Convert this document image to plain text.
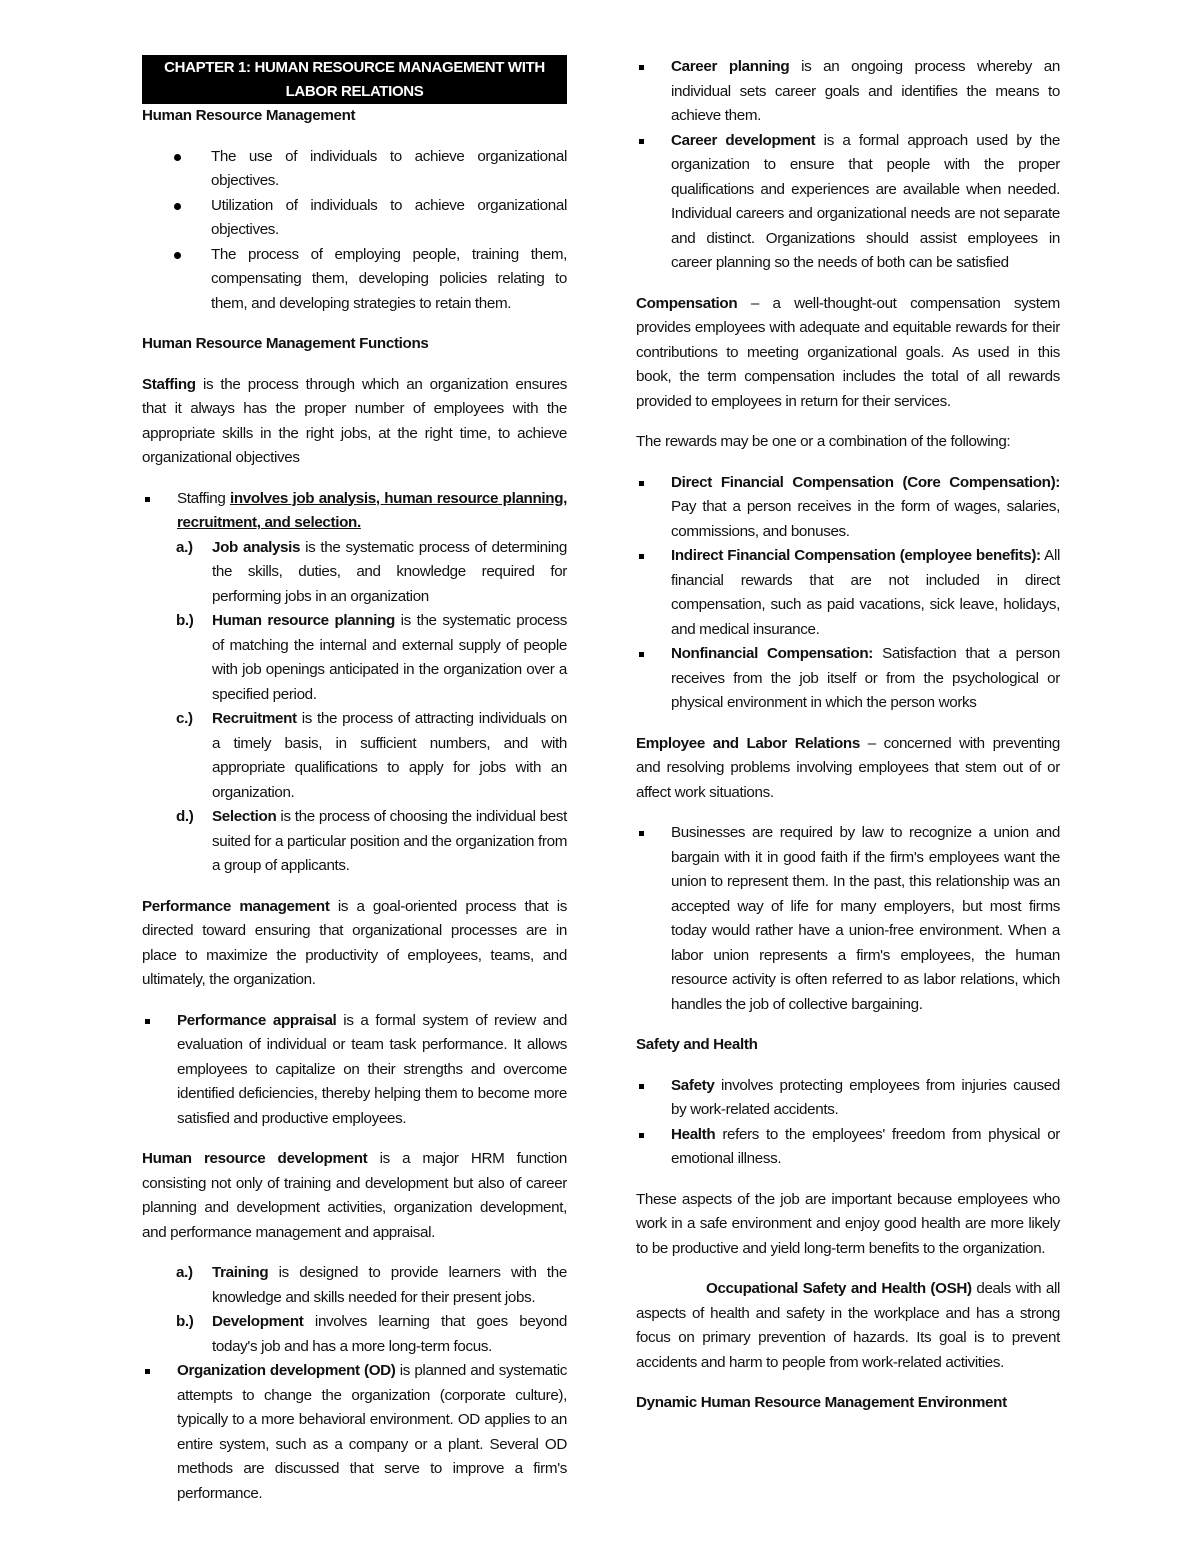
CHAPTER 1: HUMAN RESOURCE MANAGEMENT WITH
LABOR RELATIONS
Human Resource Management
The use of individuals to achieve organizational objectives.
Utilization of individuals to achieve organizational objectives.
The process of employing people, training them, compensating them, developing policies relating to them, and developing strategies to retain them.
Human Resource Management Functions

Staffing is the process through which an organization ensures that it always has the proper number of employees with the appropriate skills in the right jobs, at the right time, to achieve organizational objectives

Staffing involves job analysis, human resource planning, recruitment, and selection.
a.) Job analysis is the systematic process of determining the skills, duties, and knowledge required for performing jobs in an organization
b.) Human resource planning is the systematic process of matching the internal and external supply of people with job openings anticipated in the organization over a specified period.
c.) Recruitment is the process of attracting individuals on a timely basis, in sufficient numbers, and with appropriate qualifications to apply for jobs with an organization.
d.) Selection is the process of choosing the individual best suited for a particular position and the organization from a group of applicants.

Performance management is a goal-oriented process that is directed toward ensuring that organizational processes are in place to maximize the productivity of employees, teams, and ultimately, the organization.

Performance appraisal is a formal system of review and evaluation of individual or team task performance. It allows employees to capitalize on their strengths and overcome identified deficiencies, thereby helping them to become more satisfied and productive employees.

Human resource development is a major HRM function consisting not only of training and development but also of career planning and development activities, organization development, and performance management and appraisal.

a.) Training is designed to provide learners with the knowledge and skills needed for their present jobs.
b.) Development involves learning that goes beyond today's job and has a more long-term focus.
Organization development (OD) is planned and systematic attempts to change the organization (corporate culture), typically to a more behavioral environment. OD applies to an entire system, such as a company or a plant. Several OD methods are discussed that serve to improve a firm's performance.
Career planning is an ongoing process whereby an individual sets career goals and identifies the means to achieve them.
Career development is a formal approach used by the organization to ensure that people with the proper qualifications and experiences are available when needed. Individual careers and organizational needs are not separate and distinct. Organizations should assist employees in career planning so the needs of both can be satisfied

Compensation – a well-thought-out compensation system provides employees with adequate and equitable rewards for their contributions to meeting organizational goals. As used in this book, the term compensation includes the total of all rewards provided to employees in return for their services.

The rewards may be one or a combination of the following:

Direct Financial Compensation (Core Compensation): Pay that a person receives in the form of wages, salaries, commissions, and bonuses.
Indirect Financial Compensation (employee benefits): All financial rewards that are not included in direct compensation, such as paid vacations, sick leave, holidays, and medical insurance.
Nonfinancial Compensation: Satisfaction that a person receives from the job itself or from the psychological or physical environment in which the person works

Employee and Labor Relations – concerned with preventing and resolving problems involving employees that stem out of or affect work situations.

Businesses are required by law to recognize a union and bargain with it in good faith if the firm's employees want the union to represent them. In the past, this relationship was an accepted way of life for many employers, but most firms today would rather have a union-free environment. When a labor union represents a firm's employees, the human resource activity is often referred to as labor relations, which handles the job of collective bargaining.
Safety and Health
Safety involves protecting employees from injuries caused by work-related accidents.
Health refers to the employees' freedom from physical or emotional illness.

These aspects of the job are important because employees who work in a safe environment and enjoy good health are more likely to be productive and yield long-term benefits to the organization.

Occupational Safety and Health (OSH) deals with all aspects of health and safety in the workplace and has a strong focus on primary prevention of hazards. Its goal is to prevent accidents and harm to people from work-related activities.

Dynamic Human Resource Management Environment
